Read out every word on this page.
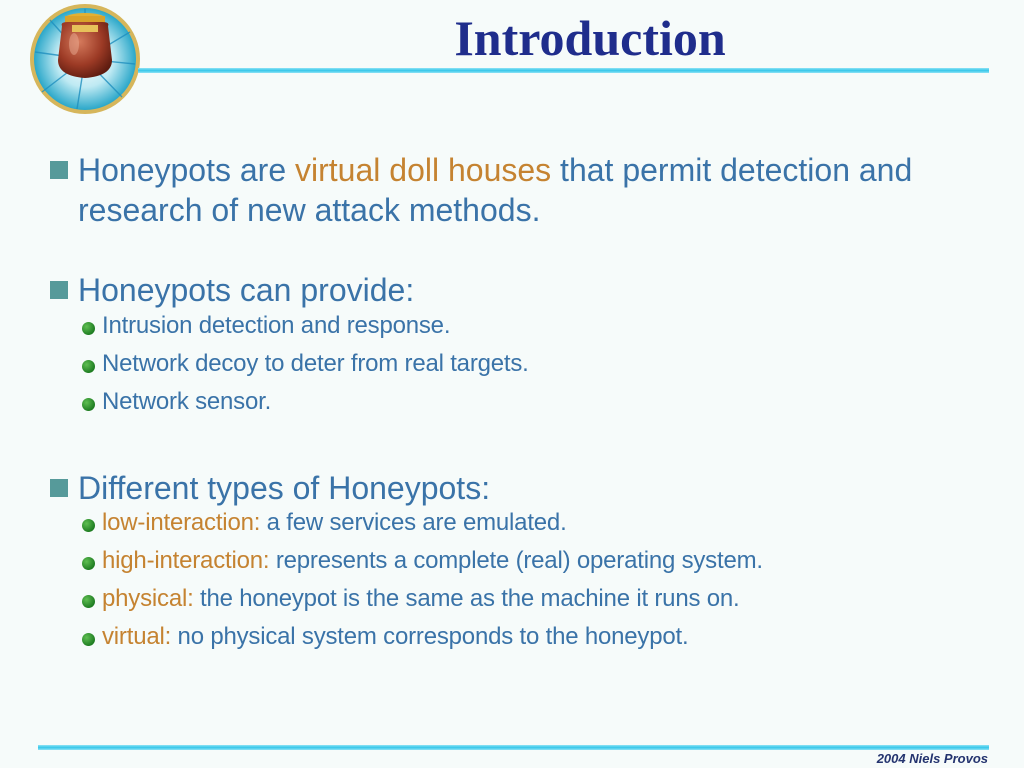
Introduction
Honeypots are virtual doll houses that permit detection and research of new attack methods.
Honeypots can provide:
Intrusion detection and response.
Network decoy to deter from real targets.
Network sensor.
Different types of Honeypots:
low-interaction: a few services are emulated.
high-interaction: represents a complete (real) operating system.
physical: the honeypot is the same as the machine it runs on.
virtual: no physical system corresponds to the honeypot.
2004 Niels Provos
